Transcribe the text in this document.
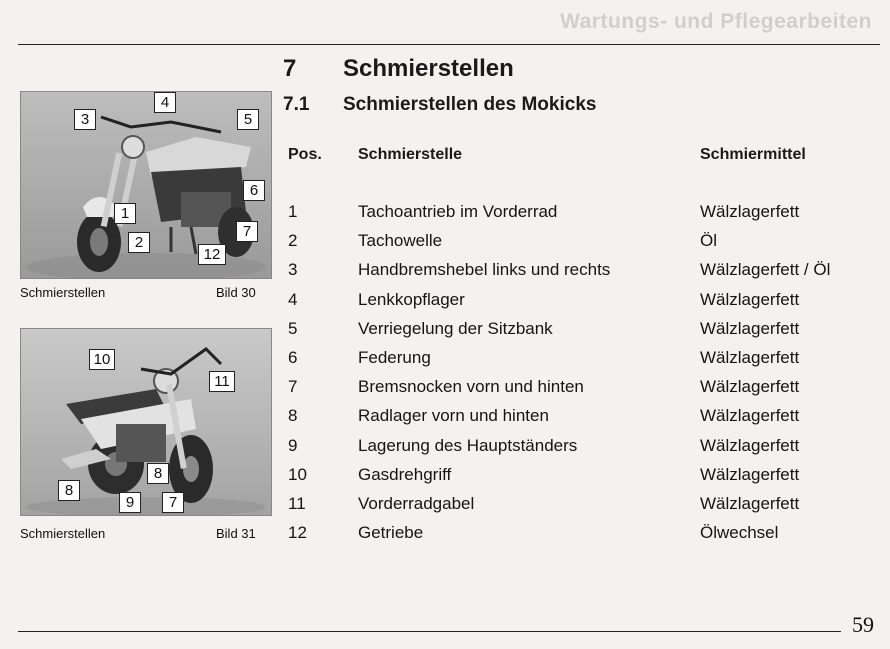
Wartungs- und Pflegearbeiten
7 Schmierstellen
7.1 Schmierstellen des Mokicks
1
2
3
4
5
6
7
12
Schmierstellen	Bild 30
10
11
8
8
9	7
Schmierstellen	Bild 31
Pos. Schmierstelle	Schmiermittel
1	Tachoantrieb im Vorderrad	Wälzlagerfett
2	Tachowelle	Öl
3	Handbremshebel links und rechts	Wälzlagerfett / Öl
4	Lenkkopflager	Wälzlagerfett
5	Verriegelung der Sitzbank	Wälzlagerfett
6	Federung	Wälzlagerfett
7	Bremsnocken vorn und hinten	Wälzlagerfett
8	Radlager vorn und hinten	Wälzlagerfett
9	Lagerung des Hauptständers	Wälzlagerfett
10	Gasdrehgriff	Wälzlagerfett
11	Vorderradgabel	Wälzlagerfett
12	Getriebe	Ölwechsel
59
